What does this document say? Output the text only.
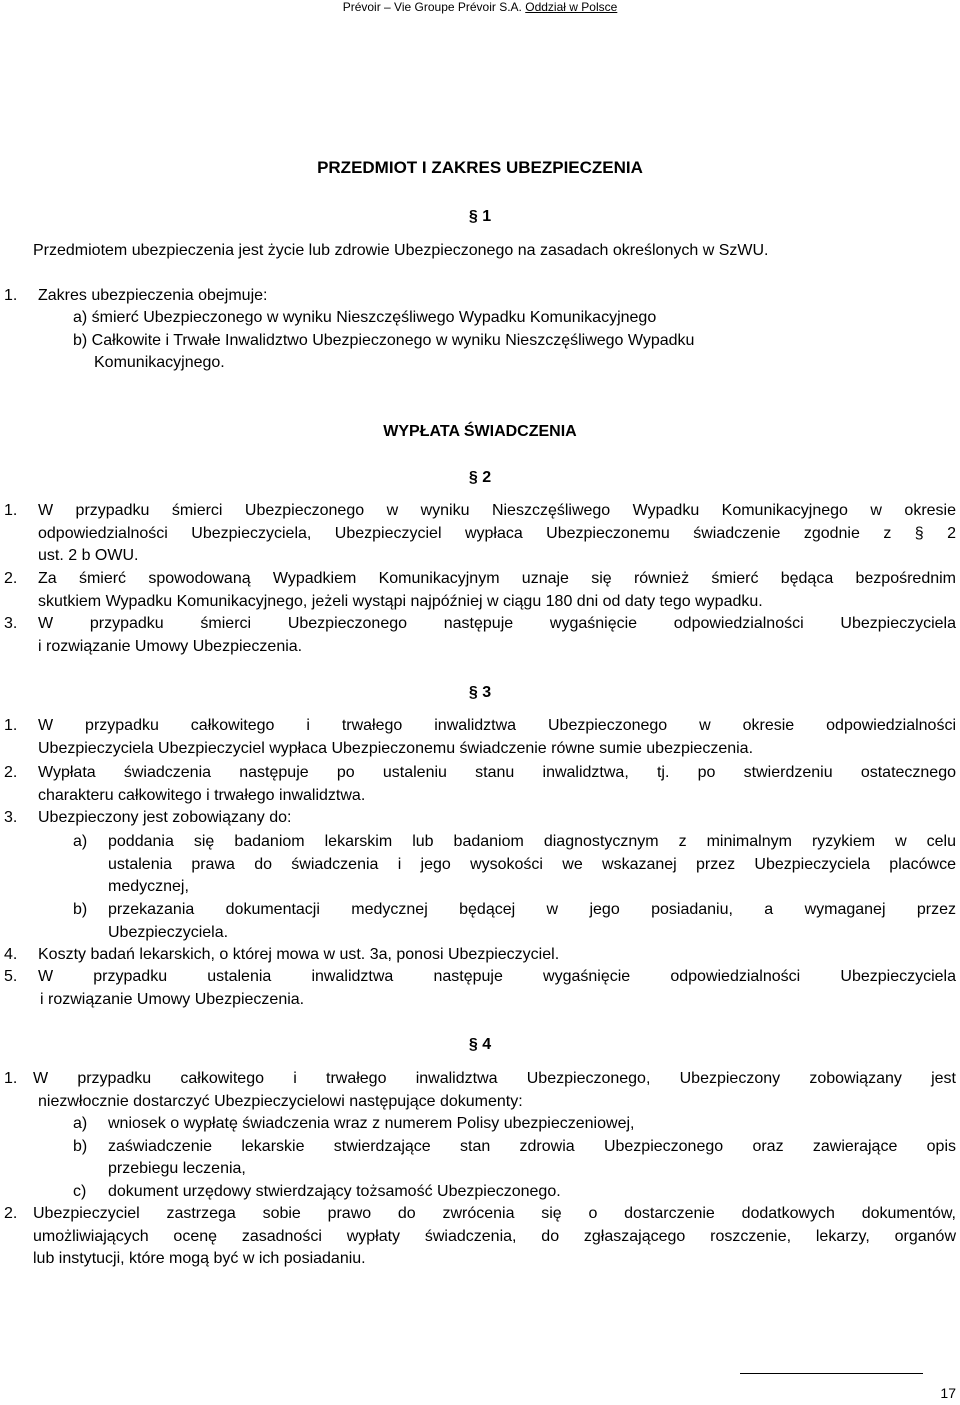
Prévoir – Vie Groupe Prévoir S.A. Oddział w Polsce
PRZEDMIOT I ZAKRES UBEZPIECZENIA
§ 1
Przedmiotem ubezpieczenia jest życie lub zdrowie Ubezpieczonego na zasadach określonych w SzWU.
1. Zakres ubezpieczenia obejmuje:
a) śmierć Ubezpieczonego w wyniku Nieszczęśliwego Wypadku Komunikacyjnego
b) Całkowite i Trwałe Inwalidztwo Ubezpieczonego w wyniku Nieszczęśliwego Wypadku
Komunikacyjnego.
WYPŁATA ŚWIADCZENIA
§ 2
1. W przypadku śmierci Ubezpieczonego w wyniku Nieszczęśliwego Wypadku Komunikacyjnego w okresie
odpowiedzialności Ubezpieczyciela, Ubezpieczyciel wypłaca Ubezpieczonemu świadczenie zgodnie z § 2
ust. 2 b OWU.
2. Za śmierć spowodowaną Wypadkiem Komunikacyjnym uznaje się również śmierć będąca bezpośrednim
skutkiem Wypadku Komunikacyjnego, jeżeli wystąpi najpóźniej w ciągu 180 dni od daty tego wypadku.
3. W przypadku śmierci Ubezpieczonego następuje wygaśnięcie odpowiedzialności Ubezpieczyciela
i rozwiązanie Umowy Ubezpieczenia.
§ 3
1. W przypadku całkowitego i trwałego inwalidztwa Ubezpieczonego w okresie odpowiedzialności
Ubezpieczyciela Ubezpieczyciel wypłaca Ubezpieczonemu świadczenie równe sumie ubezpieczenia.
2. Wypłata świadczenia następuje po ustaleniu stanu inwalidztwa, tj. po stwierdzeniu ostatecznego
charakteru całkowitego i trwałego inwalidztwa.
3. Ubezpieczony jest zobowiązany do:
a) poddania się badaniom lekarskim lub badaniom diagnostycznym z minimalnym ryzykiem w celu
ustalenia prawa do świadczenia i jego wysokości we wskazanej przez Ubezpieczyciela placówce
medycznej,
b) przekazania dokumentacji medycznej będącej w jego posiadaniu, a wymaganej przez
Ubezpieczyciela.
4. Koszty badań lekarskich, o której mowa w ust. 3a, ponosi Ubezpieczyciel.
5. W przypadku ustalenia inwalidztwa następuje wygaśnięcie odpowiedzialności Ubezpieczyciela
i rozwiązanie Umowy Ubezpieczenia.
§ 4
1. W przypadku całkowitego i trwałego inwalidztwa Ubezpieczonego, Ubezpieczony zobowiązany jest
niezwłocznie dostarczyć Ubezpieczycielowi następujące dokumenty:
a) wniosek o wypłatę świadczenia wraz z numerem Polisy ubezpieczeniowej,
b) zaświadczenie lekarskie stwierdzające stan zdrowia Ubezpieczonego oraz zawierające opis
przebiegu leczenia,
c) dokument urzędowy stwierdzający tożsamość Ubezpieczonego.
2. Ubezpieczyciel zastrzega sobie prawo do zwrócenia się o dostarczenie dodatkowych dokumentów,
umożliwiających ocenę zasadności wypłaty świadczenia, do zgłaszającego roszczenie, lekarzy, organów
lub instytucji, które mogą być w ich posiadaniu.
17
